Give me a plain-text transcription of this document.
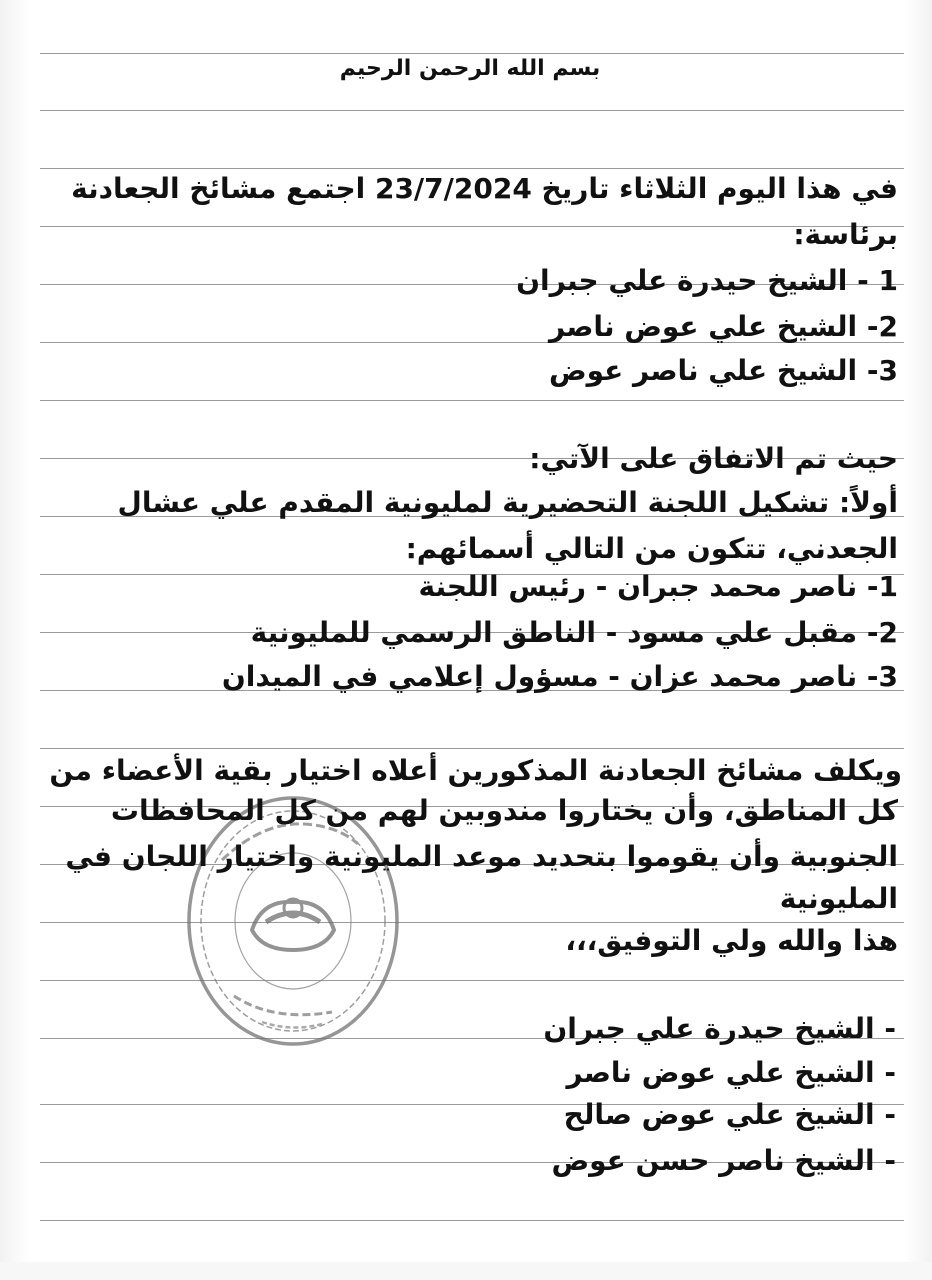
بسم الله الرحمن الرحيم
في هذا اليوم الثلاثاء تاريخ 23/7/2024 اجتمع مشائخ الجعادنة
برئاسة:
1 - الشيخ حيدرة علي جبران
2- الشيخ علي عوض ناصر
3- الشيخ علي ناصر عوض
حيث تم الاتفاق على الآتي:
أولاً: تشكيل اللجنة التحضيرية لمليونية المقدم علي عشال
الجعدني، تتكون من التالي أسمائهم:
1- ناصر محمد جبران - رئيس اللجنة
2- مقبل علي مسود - الناطق الرسمي للمليونية
3- ناصر محمد عزان - مسؤول إعلامي في الميدان
ويكلف مشائخ الجعادنة المذكورين أعلاه اختيار بقية الأعضاء من
كل المناطق، وأن يختاروا مندوبين لهم من كل المحافظات
الجنوبية وأن يقوموا بتحديد موعد المليونية واختيار اللجان في
المليونية
هذا والله ولي التوفيق،،،
- الشيخ حيدرة علي جبران
- الشيخ علي عوض ناصر
- الشيخ علي عوض صالح
- الشيخ ناصر حسن عوض
